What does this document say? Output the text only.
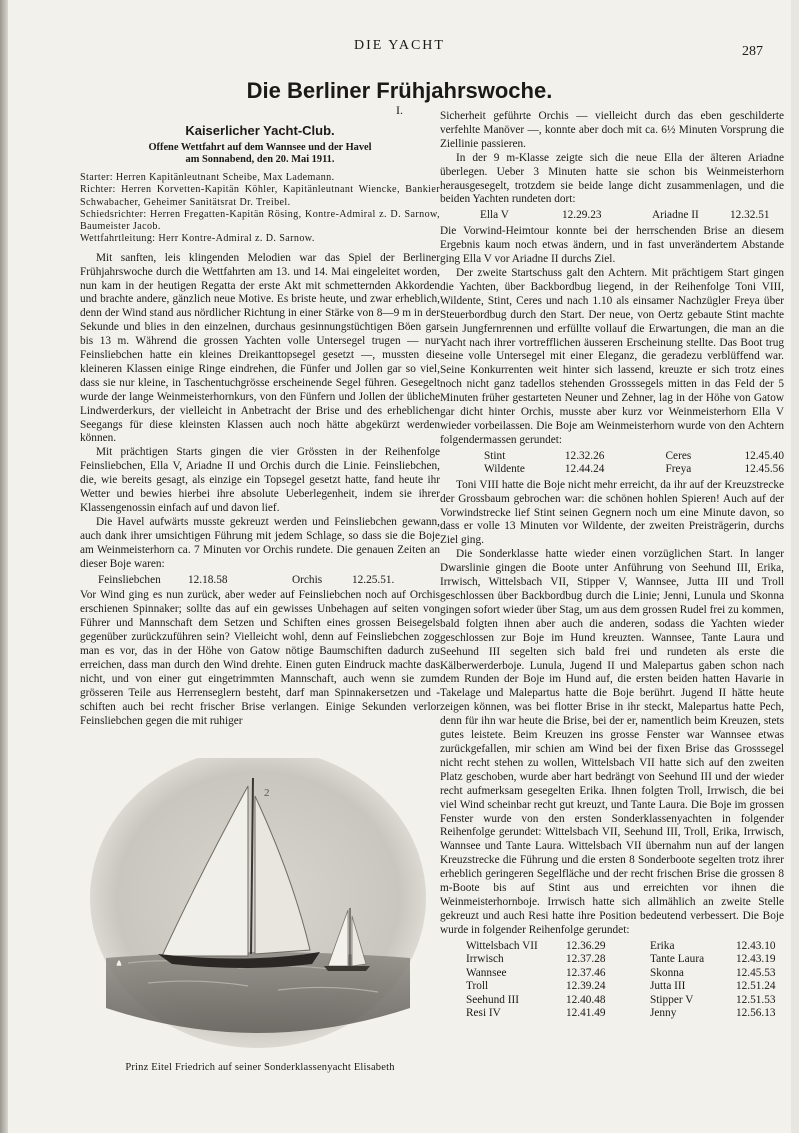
DIE YACHT	287
Die Berliner Frühjahrswoche.
I.
Kaiserlicher Yacht-Club.
Offene Wettfahrt auf dem Wannsee und der Havel
am Sonnabend, den 20. Mai 1911.
Starter: Herren Kapitänleutnant Scheibe, Max Lademann.
Richter: Herren Korvetten-Kapitän Köhler, Kapitänleutnant Wiencke, Bankier Schwabacher, Geheimer Sanitätsrat Dr. Treibel.
Schiedsrichter: Herren Fregatten-Kapitän Rösing, Kontre-Admiral z. D. Sarnow, Baumeister Jacob.
Wettfahrtleitung: Herr Kontre-Admiral z. D. Sarnow.

Mit sanften, leis klingenden Melodien war das Spiel der Berliner Frühjahrswoche durch die Wettfahrten am 13. und 14. Mai eingeleitet worden, nun kam in der heutigen Regatta der erste Akt mit schmetternden Akkorden und brachte andere, gänzlich neue Motive. Es briste heute, und zwar erheblich, denn der Wind stand aus nördlicher Richtung in einer Stärke von 8—9 m in der Sekunde und blies in den einzelnen, durchaus gesinnungstüchtigen Böen gar bis 13 m. Während die grossen Yachten volle Untersegel trugen — nur Feinsliebchen hatte ein kleines Dreikanttopsegel gesetzt —, mussten die kleineren Klassen einige Ringe eindrehen, die Fünfer und Jollen gar so viel, dass sie nur kleine, in Taschentuchgrösse erscheinende Segel führen. Gesegelt wurde der lange Weinmeisterhornkurs, von den Fünfern und Jollen der übliche Lindwerderkurs, der vielleicht in Anbetracht der Brise und des erheblichen Seegangs für diese kleinsten Klassen auch noch hätte abgekürzt werden können.

Mit prächtigen Starts gingen die vier Grössten in der Reihenfolge Feinsliebchen, Ella V, Ariadne II und Orchis durch die Linie. Feinsliebchen, die, wie bereits gesagt, als einzige ein Topsegel gesetzt hatte, fand heute ihr Wetter und bewies hierbei ihre absolute Ueberlegenheit, indem sie ihrer Klassengenossin einfach auf und davon lief.

Die Havel aufwärts musste gekreuzt werden und Feinsliebchen gewann, auch dank ihrer umsichtigen Führung mit jedem Schlage, so dass sie die Boje am Weinmeisterhorn ca. 7 Minuten vor Orchis rundete. Die genauen Zeiten an dieser Boje waren:

Feinsliebchen	12.18.58	Orchis	12.25.51.

Vor Wind ging es nun zurück, aber weder auf Feinsliebchen noch auf Orchis erschienen Spinnaker; sollte das auf ein gewisses Unbehagen auf seiten von Führer und Mannschaft dem Setzen und Schiften eines grossen Beisegels gegenüber zurückzuführen sein? Vielleicht wohl, denn auf Feinsliebchen zog man es vor, das in der Höhe von Gatow nötige Baumschiften dadurch zu erreichen, dass man durch den Wind drehte. Einen guten Eindruck machte das nicht, und von einer gut eingetrimmten Mannschaft, auch wenn sie zum grösseren Teile aus Herrenseglern besteht, darf man Spinnakersetzen und -schiften auch bei recht frischer Brise verlangen. Einige Sekunden verlor Feinsliebchen gegen die mit ruhiger

2
Prinz Eitel Friedrich auf seiner Sonderklassenyacht Elisabeth

Sicherheit geführte Orchis — vielleicht durch das eben geschilderte verfehlte Manöver —, konnte aber doch mit ca. 6½ Minuten Vorsprung die Ziellinie passieren.

In der 9 m-Klasse zeigte sich die neue Ella der älteren Ariadne überlegen. Ueber 3 Minuten hatte sie schon bis Weinmeisterhorn herausgesegelt, trotzdem sie beide lange dicht zusammenlagen, und die beiden Yachten rundeten dort:

Ella V	12.29.23	Ariadne II	12.32.51

Die Vorwind-Heimtour konnte bei der herrschenden Brise an diesem Ergebnis kaum noch etwas ändern, und in fast unverändertem Abstande ging Ella V vor Ariadne II durchs Ziel.

Der zweite Startschuss galt den Achtern. Mit prächtigem Start gingen die Yachten, über Backbordbug liegend, in der Reihenfolge Toni VIII, Wildente, Stint, Ceres und nach 1.10 als einsamer Nachzügler Freya über Steuerbordbug durch den Start. Der neue, von Oertz gebaute Stint machte sein Jungfernrennen und erfüllte vollauf die Erwartungen, die man an die Yacht nach ihrer vortrefflichen äusseren Erscheinung stellte. Das Boot trug seine volle Untersegel mit einer Eleganz, die geradezu verblüffend war. Seine Konkurrenten weit hinter sich lassend, kreuzte er sich trotz eines noch nicht ganz tadellos stehenden Grosssegels mitten in das Feld der 5 Minuten früher gestarteten Neuner und Zehner, lag in der Höhe von Gatow gar dicht hinter Orchis, musste aber kurz vor Weinmeisterhorn Ella V wieder vorbeilassen. Die Boje am Weinmeisterhorn wurde von den Achtern folgendermassen gerundet:

Stint	12.32.26	Ceres	12.45.40
Wildente	12.44.24	Freya	12.45.56

Toni VIII hatte die Boje nicht mehr erreicht, da ihr auf der Kreuzstrecke der Grossbaum gebrochen war: die schönen hohlen Spieren! Auch auf der Vorwindstrecke lief Stint seinen Gegnern noch um eine Minute davon, so dass er volle 13 Minuten vor Wildente, der zweiten Preisträgerin, durchs Ziel ging.

Die Sonderklasse hatte wieder einen vorzüglichen Start. In langer Dwarslinie gingen die Boote unter Anführung von Seehund III, Erika, Irrwisch, Wittelsbach VII, Stipper V, Wannsee, Jutta III und Troll geschlossen über Backbordbug durch die Linie; Jenni, Lunula und Skonna gingen sofort wieder über Stag, um aus dem grossen Rudel frei zu kommen, bald folgten ihnen aber auch die anderen, sodass die Yachten wieder geschlossen zur Boje im Hund kreuzten. Wannsee, Tante Laura und Seehund III segelten sich bald frei und rundeten als erste die Kälberwerderboje. Lunula, Jugend II und Malepartus gaben schon nach dem Runden der Boje im Hund auf, die ersten beiden hatten Havarie in Takelage und Malepartus hatte die Boje berührt. Jugend II hätte heute zeigen können, was bei flotter Brise in ihr steckt, Malepartus hatte Pech, denn für ihn war heute die Brise, bei der er, namentlich beim Kreuzen, stets gutes leistete. Beim Kreuzen ins grosse Fenster war Wannsee etwas zurückgefallen, mir schien am Wind bei der fixen Brise das Grosssegel nicht recht stehen zu wollen, Wittelsbach VII hatte sich auf den zweiten Platz geschoben, wurde aber hart bedrängt von Seehund III und der wieder recht aufmerksam gesegelten Erika. Ihnen folgten Troll, Irrwisch, die bei viel Wind scheinbar recht gut kreuzt, und Tante Laura. Die Boje im grossen Fenster wurde von den ersten Sonderklassenyachten in folgender Reihenfolge gerundet: Wittelsbach VII, Seehund III, Troll, Erika, Irrwisch, Wannsee und Tante Laura. Wittelsbach VII übernahm nun auf der langen Kreuzstrecke die Führung und die ersten 8 Sonderboote segelten trotz ihrer erheblich geringeren Segelfläche und der recht frischen Brise die grossen 8 m-Boote bis auf Stint aus und erreichten vor ihnen die Weinmeisterhornboje. Irrwisch hatte sich allmählich an zweite Stelle gekreuzt und auch Resi hatte ihre Position bedeutend verbessert. Die Boje wurde in folgender Reihenfolge gerundet:

Wittelsbach VII	12.36.29	Erika	12.43.10
Irrwisch	12.37.28	Tante Laura	12.43.19
Wannsee	12.37.46	Skonna	12.45.53
Troll	12.39.24	Jutta III	12.51.24
Seehund III	12.40.48	Stipper V	12.51.53
Resi IV	12.41.49	Jenny	12.56.13
